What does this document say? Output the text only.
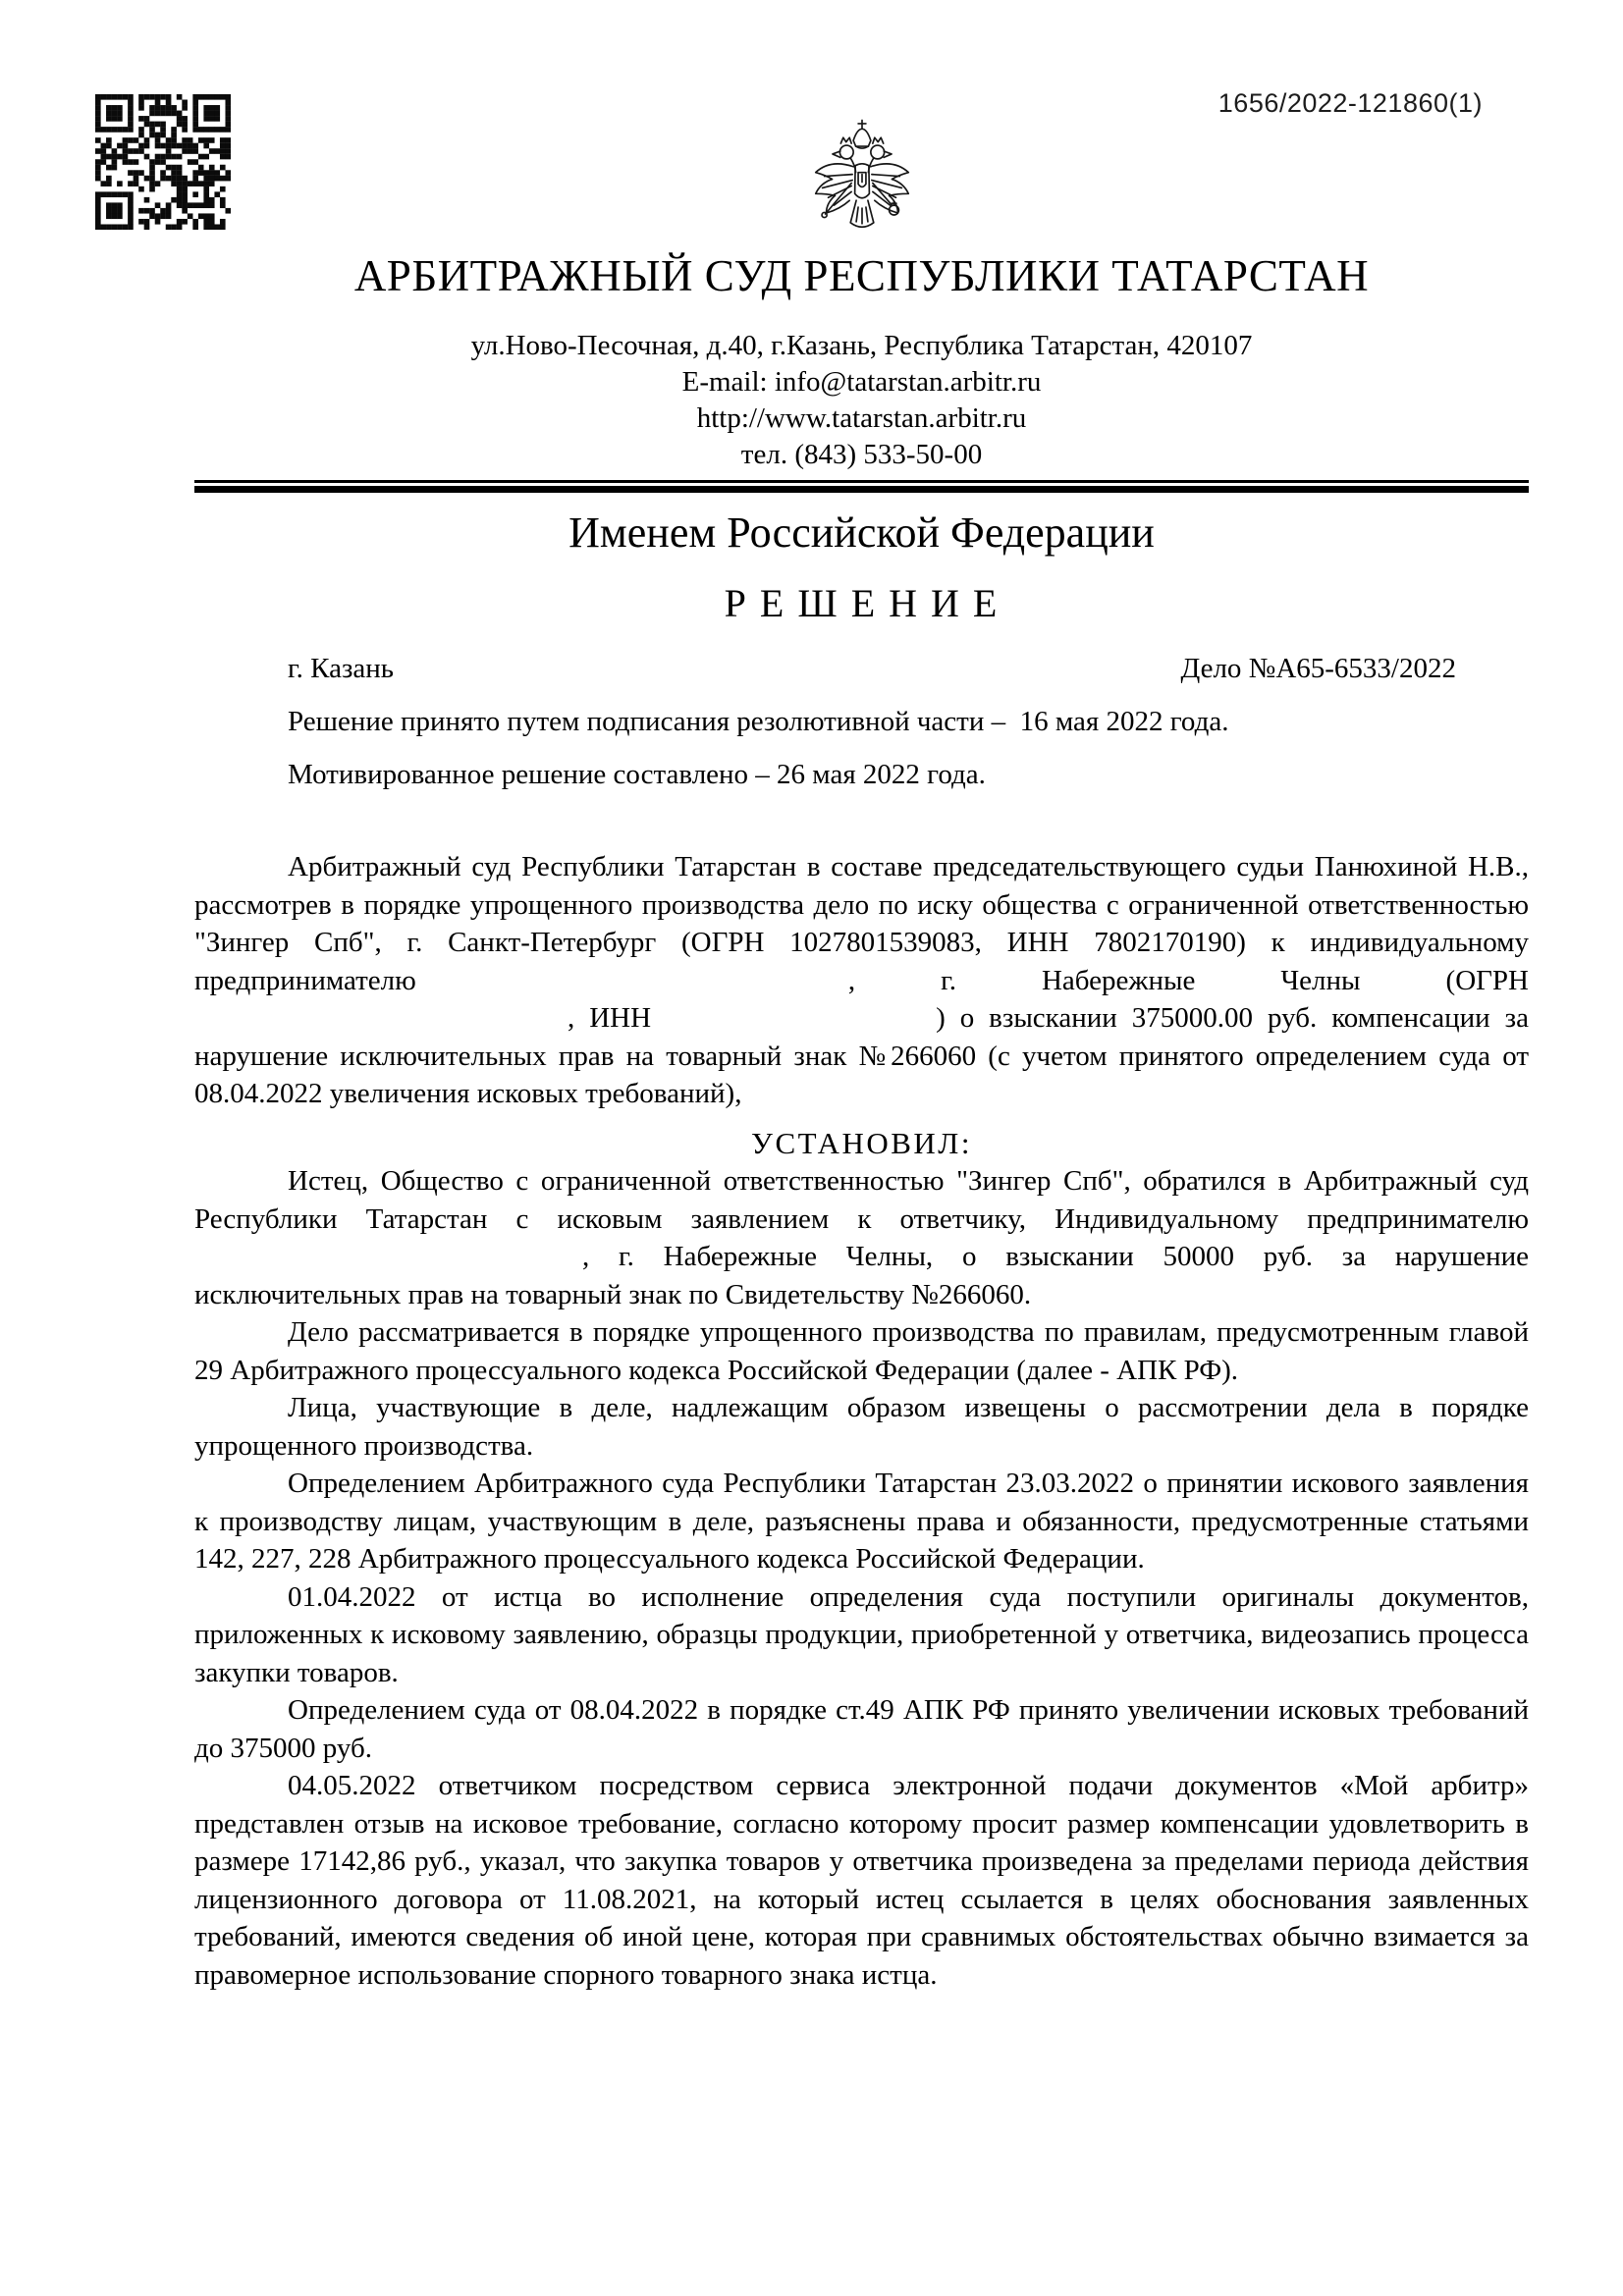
1656/2022-121860(1)
АРБИТРАЖНЫЙ СУД РЕСПУБЛИКИ ТАТАРСТАН
ул.Ново-Песочная, д.40, г.Казань, Республика Татарстан, 420107
E-mail: info@tatarstan.arbitr.ru
http://www.tatarstan.arbitr.ru
тел. (843) 533-50-00
Именем Российской Федерации
Р Е Ш Е Н И Е
г. Казань	Дело №А65-6533/2022
Решение принято путем подписания резолютивной части –  16 мая 2022 года.
Мотивированное решение составлено – 26 мая 2022 года.

Арбитражный суд Республики Татарстан в составе председательствующего судьи Панюхиной Н.В., рассмотрев в порядке упрощенного производства дело по иску общества с ограниченной ответственностью "Зингер Спб", г. Санкт-Петербург (ОГРН 1027801539083, ИНН 7802170190) к индивидуальному предпринимателю	, г. Набережные Челны (ОГРН, ИНН	) о взыскании 375000.00 руб. компенсации за нарушение исключительных прав на товарный знак №266060 (с учетом принятого определением суда от 08.04.2022 увеличения исковых требований),

УСТАНОВИЛ:

Истец, Общество с ограниченной ответственностью "Зингер Спб", обратился в Арбитражный суд Республики Татарстан с исковым заявлением к ответчику, Индивидуальному предпринимателю, г. Набережные Челны, о взыскании 50000 руб. за нарушение исключительных прав на товарный знак по Свидетельству №266060.

Дело рассматривается в порядке упрощенного производства по правилам, предусмотренным главой 29 Арбитражного процессуального кодекса Российской Федерации (далее - АПК РФ).

Лица, участвующие в деле, надлежащим образом извещены о рассмотрении дела в порядке упрощенного производства.

Определением Арбитражного суда Республики Татарстан 23.03.2022 о принятии искового заявления к производству лицам, участвующим в деле, разъяснены права и обязанности, предусмотренные статьями 142, 227, 228 Арбитражного процессуального кодекса Российской Федерации.

01.04.2022 от истца во исполнение определения суда поступили оригиналы документов, приложенных к исковому заявлению, образцы продукции, приобретенной у ответчика, видеозапись процесса закупки товаров.

Определением суда от 08.04.2022 в порядке ст.49 АПК РФ принято увеличении исковых требований до 375000 руб.

04.05.2022 ответчиком посредством сервиса электронной подачи документов «Мой арбитр» представлен отзыв на исковое требование, согласно которому просит размер компенсации удовлетворить в размере 17142,86 руб., указал, что закупка товаров у ответчика произведена за пределами периода действия лицензионного договора от 11.08.2021, на который истец ссылается в целях обоснования заявленных требований, имеются сведения об иной цене, которая при сравнимых обстоятельствах обычно взимается за правомерное использование спорного товарного знака истца.
